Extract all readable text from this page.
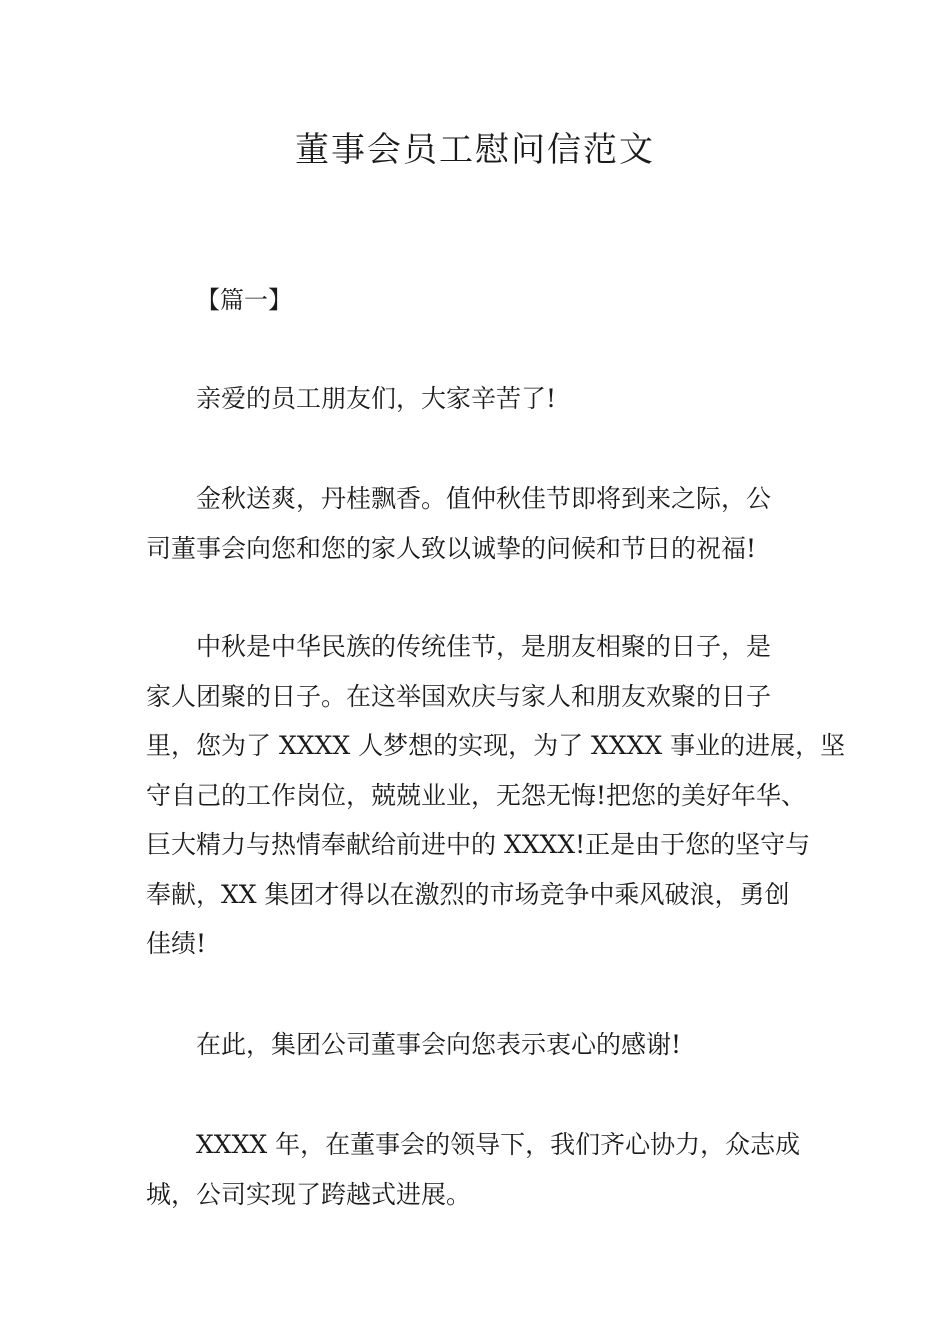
董事会员工慰问信范文
【篇一】
亲爱的员工朋友们，大家辛苦了!
金秋送爽，丹桂飘香。值仲秋佳节即将到来之际，公
司董事会向您和您的家人致以诚挚的问候和节日的祝福!
中秋是中华民族的传统佳节，是朋友相聚的日子，是
家人团聚的日子。在这举国欢庆与家人和朋友欢聚的日子
里，您为了 XXXX 人梦想的实现，为了 XXXX 事业的进展，坚
守自己的工作岗位，兢兢业业，无怨无悔!把您的美好年华、
巨大精力与热情奉献给前进中的 XXXX!正是由于您的坚守与
奉献，XX 集团才得以在激烈的市场竞争中乘风破浪，勇创
佳绩!
在此，集团公司董事会向您表示衷心的感谢!
XXXX 年，在董事会的领导下，我们齐心协力，众志成
城，公司实现了跨越式进展。
